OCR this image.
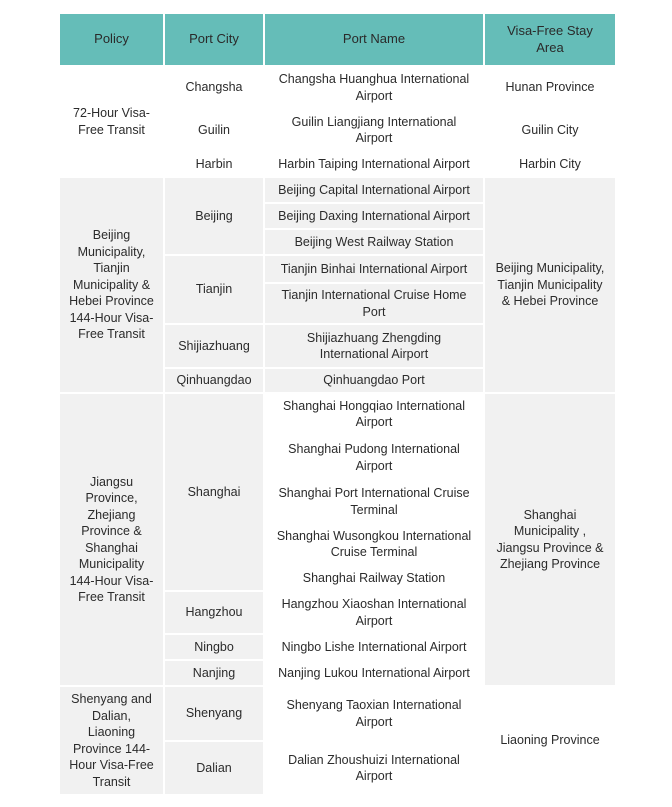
Policy	Port City	Port Name
Visa-Free Stay Area
72-Hour Visa-Free Transit
Changsha
Guilin
Harbin
Changsha Huanghua International Airport
Guilin Liangjiang International Airport
Harbin Taiping International Airport
Hunan Province
Guilin City
Harbin City
Beijing Municipality, Tianjin Municipality & Hebei Province 144-Hour Visa-Free Transit
Beijing
Tianjin
Shijiazhuang
Qinhuangdao
Beijing Capital International Airport
Beijing Daxing International Airport
Beijing West Railway Station
Tianjin Binhai International Airport
Tianjin International Cruise Home Port
Shijiazhuang Zhengding International Airport
Qinhuangdao Port
Beijing Municipality, Tianjin Municipality & Hebei Province
Jiangsu Province, Zhejiang Province & Shanghai Municipality 144-Hour Visa-Free Transit
Shanghai
Hangzhou
Ningbo
Nanjing
Shanghai Hongqiao International Airport
Shanghai Pudong International Airport
Shanghai Port International Cruise Terminal
Shanghai Wusongkou International Cruise Terminal
Shanghai Railway Station
Hangzhou Xiaoshan International Airport
Ningbo Lishe International Airport
Nanjing Lukou International Airport
Shanghai Municipality , Jiangsu Province & Zhejiang Province
Shenyang and Dalian, Liaoning Province 144-Hour Visa-Free Transit
Shenyang
Dalian
Shenyang Taoxian International Airport
Dalian Zhoushuizi International Airport
Liaoning Province
